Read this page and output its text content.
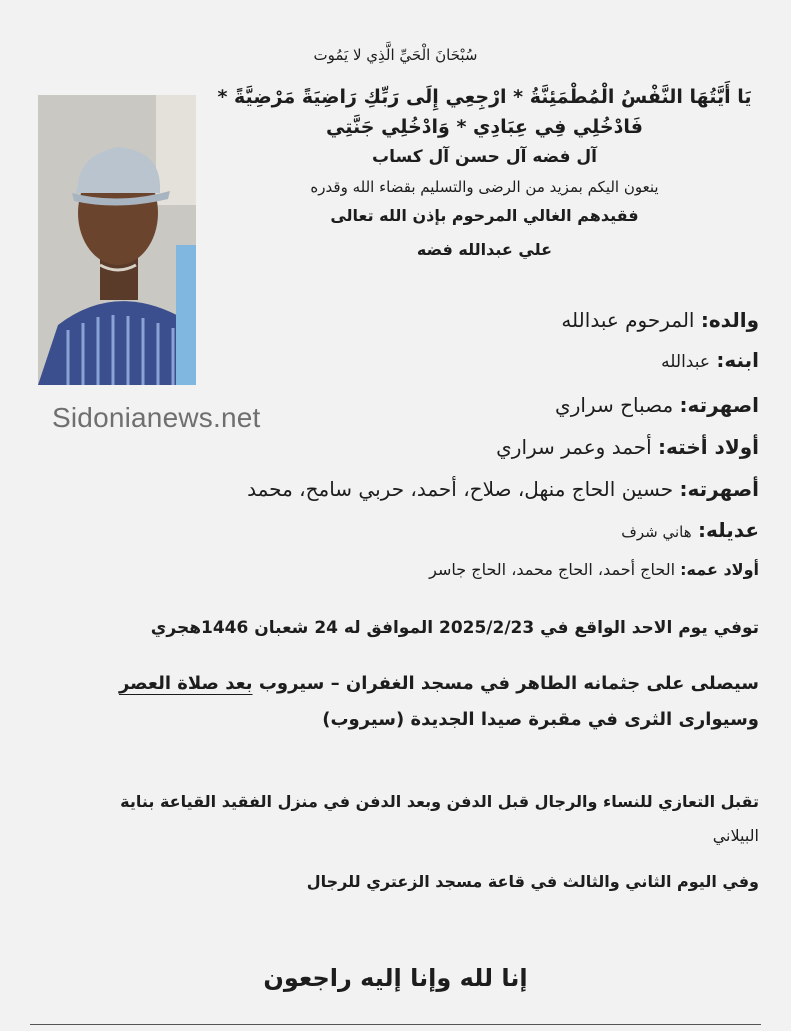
سُبْحَانَ الْحَيِّ الَّذِي لا يَمُوت

يَا أَيَّتُهَا النَّفْسُ الْمُطْمَئِنَّةُ * ارْجِعِي إِلَى رَبِّكِ رَاضِيَةً مَرْضِيَّةً *

فَادْخُلِي فِي عِبَادِي * وَادْخُلِي جَنَّتِي

آل فضه آل حسن آل كساب

ينعون اليكم بمزيد من الرضى والتسليم بقضاء الله وقدره

فقيدهم الغالي المرحوم بإذن الله تعالى

علي عبدالله فضه

Sidonianews.net

والده: المرحوم عبدالله

ابنه: عبدالله

اصهرته: مصباح سراري

أولاد أخته: أحمد وعمر سراري

أصهرته: حسين الحاج منهل، صلاح، أحمد، حربي سامح، محمد

عديله: هاني شرف

أولاد عمه: الحاج أحمد، الحاج محمد، الحاج جاسر

توفي يوم الاحد الواقع في 2025/2/23 الموافق له 24 شعبان 1446هجري

سيصلى على جثمانه الطاهر في مسجد الغفران – سيروب بعد صلاة العصر

وسيوارى الثرى في مقبرة صيدا الجديدة (سيروب)

تقبل التعازي للنساء والرجال قبل الدفن وبعد الدفن في منزل الفقيد القياعة بناية

البيلاني

وفي اليوم الثاني والثالث في قاعة مسجد الزعتري للرجال

إنا لله وإنا إليه راجعون
